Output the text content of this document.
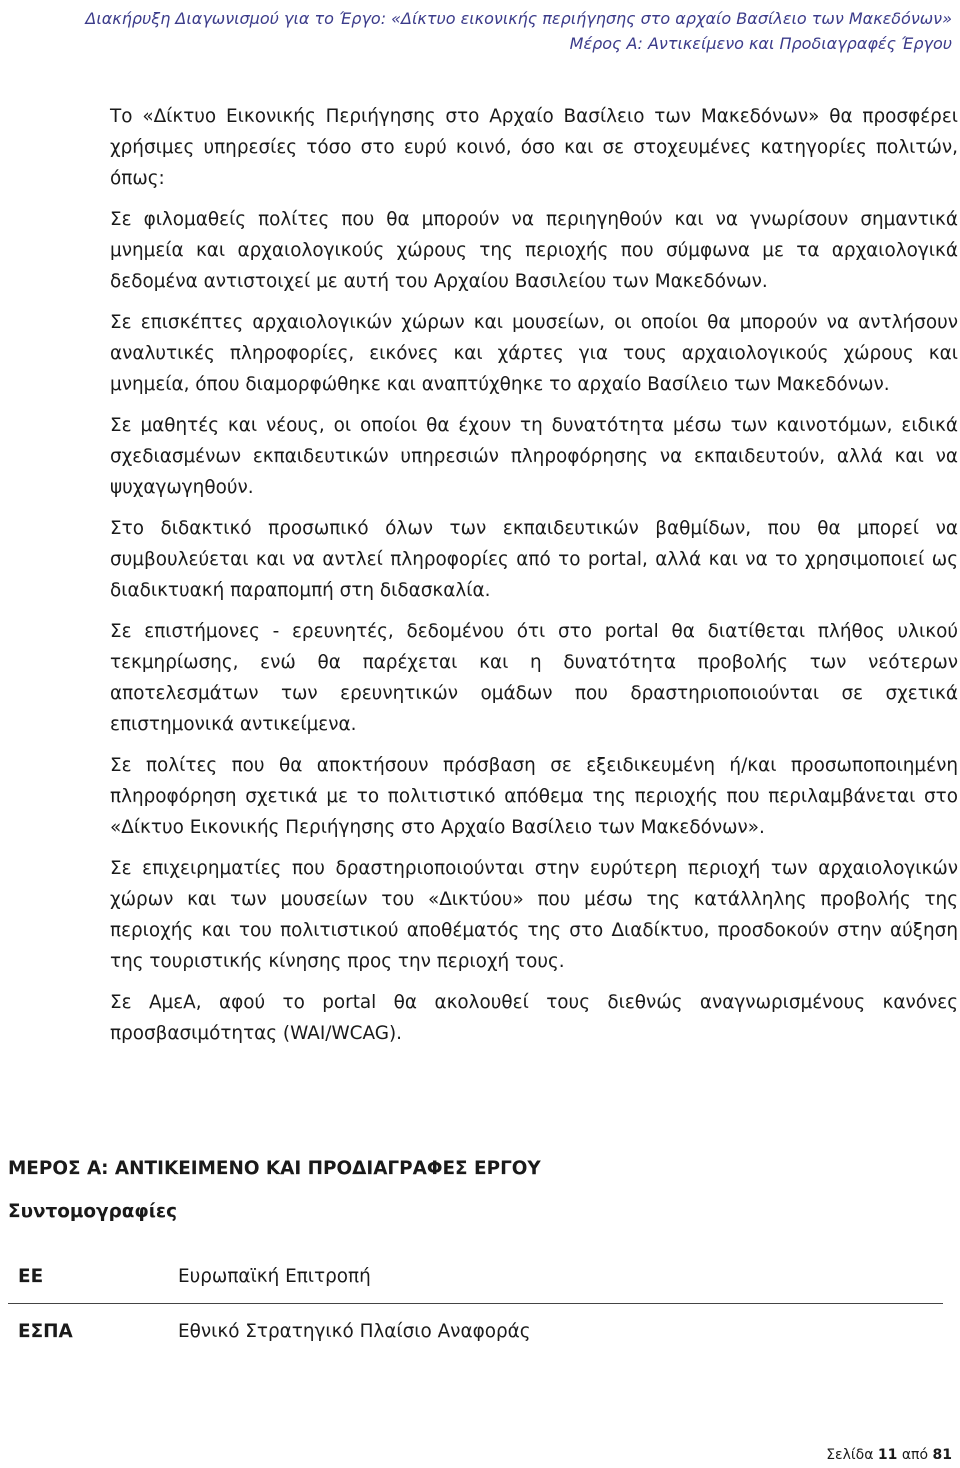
Διακήρυξη Διαγωνισμού για το Έργο: «Δίκτυο εικονικής περιήγησης στο αρχαίο Βασίλειο των Μακεδόνων»
Μέρος Α: Αντικείμενο και Προδιαγραφές Έργου

Το «Δίκτυο Εικονικής Περιήγησης στο Αρχαίο Βασίλειο των Μακεδόνων» θα προσφέρει χρήσιμες υπηρεσίες τόσο στο ευρύ κοινό, όσο και σε στοχευμένες κατηγορίες πολιτών, όπως:

Σε φιλομαθείς πολίτες που θα μπορούν να περιηγηθούν και να γνωρίσουν σημαντικά μνημεία και αρχαιολογικούς χώρους της περιοχής που σύμφωνα με τα αρχαιολογικά δεδομένα αντιστοιχεί με αυτή του Αρχαίου Βασιλείου των Μακεδόνων.

Σε επισκέπτες αρχαιολογικών χώρων και μουσείων, οι οποίοι θα μπορούν να αντλήσουν αναλυτικές πληροφορίες, εικόνες και χάρτες για τους αρχαιολογικούς χώρους και μνημεία, όπου διαμορφώθηκε και αναπτύχθηκε το αρχαίο Βασίλειο των Μακεδόνων.

Σε μαθητές και νέους, οι οποίοι θα έχουν τη δυνατότητα μέσω των καινοτόμων, ειδικά σχεδιασμένων εκπαιδευτικών υπηρεσιών πληροφόρησης να εκπαιδευτούν, αλλά και να ψυχαγωγηθούν.

Στο διδακτικό προσωπικό όλων των εκπαιδευτικών βαθμίδων, που θα μπορεί να συμβουλεύεται και να αντλεί πληροφορίες από το portal, αλλά και να το χρησιμοποιεί ως διαδικτυακή παραπομπή στη διδασκαλία.

Σε επιστήμονες - ερευνητές, δεδομένου ότι στο portal θα διατίθεται πλήθος υλικού τεκμηρίωσης, ενώ θα παρέχεται και η δυνατότητα προβολής των νεότερων αποτελεσμάτων των ερευνητικών ομάδων που δραστηριοποιούνται σε σχετικά επιστημονικά αντικείμενα.

Σε πολίτες που θα αποκτήσουν πρόσβαση σε εξειδικευμένη ή/και προσωποποιημένη πληροφόρηση σχετικά με το πολιτιστικό απόθεμα της περιοχής που περιλαμβάνεται στο «Δίκτυο Εικονικής Περιήγησης στο Αρχαίο Βασίλειο των Μακεδόνων».

Σε επιχειρηματίες που δραστηριοποιούνται στην ευρύτερη περιοχή των αρχαιολογικών χώρων και των μουσείων του «Δικτύου» που μέσω της κατάλληλης προβολής της περιοχής και του πολιτιστικού αποθέματός της στο Διαδίκτυο, προσδοκούν στην αύξηση της τουριστικής κίνησης προς την περιοχή τους.

Σε ΑμεΑ, αφού το portal θα ακολουθεί τους διεθνώς αναγνωρισμένους κανόνες προσβασιμότητας (WAI/WCAG).

ΜΕΡΟΣ Α: ΑΝΤΙΚΕΙΜΕΝΟ ΚΑΙ ΠΡΟΔΙΑΓΡΑΦΕΣ ΕΡΓΟΥ
Συντομογραφίες
ΕΕ	Ευρωπαϊκή Επιτροπή
ΕΣΠΑ	Εθνικό Στρατηγικό Πλαίσιο Αναφοράς
Σελίδα 11 από 81
